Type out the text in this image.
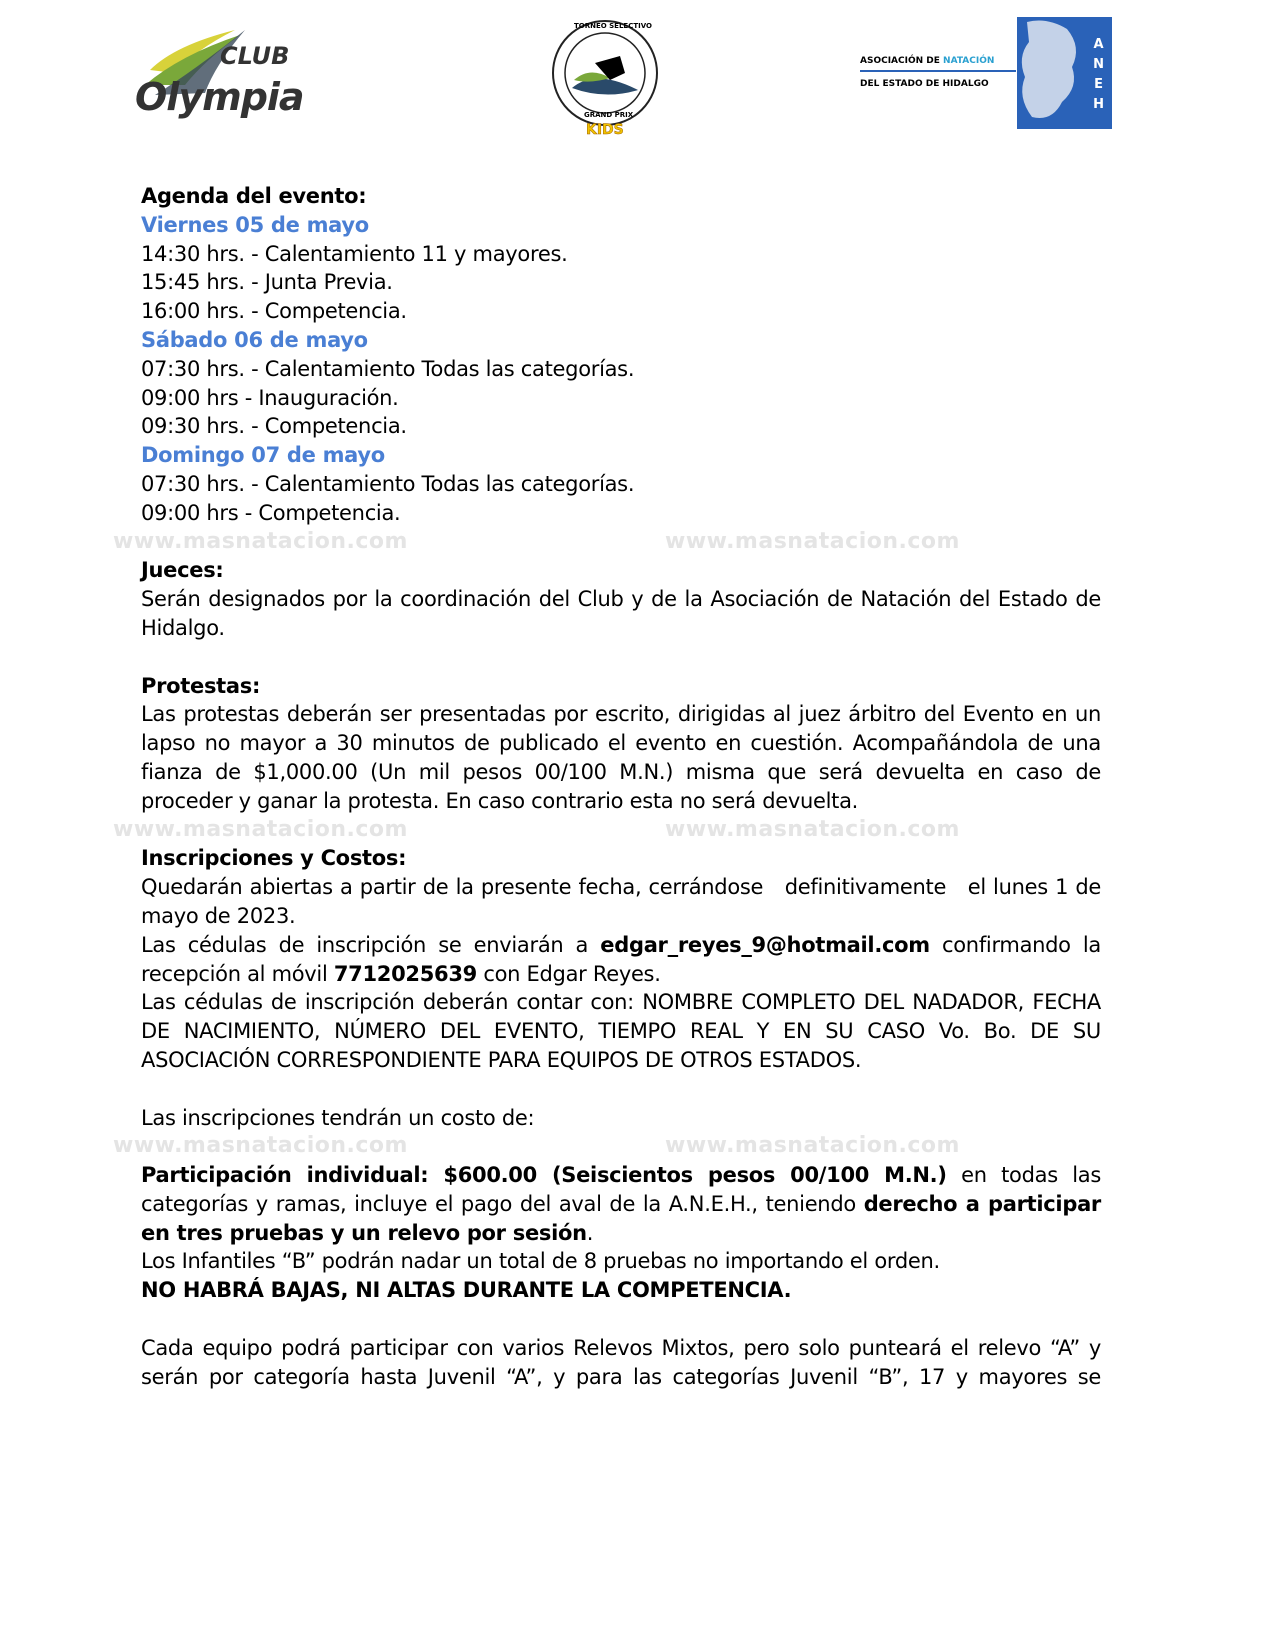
CLUB
Olympia
TORNEO SELECTIVO
GRAND PRIX
KIDS
ASOCIACIÓN DE NATACIÓN
DEL ESTADO DE HIDALGO
A
N
E
H

Agenda del evento:

Viernes 05 de mayo

14:30 hrs. - Calentamiento 11 y mayores.

15:45 hrs. - Junta Previa.

16:00 hrs. - Competencia.

Sábado 06 de mayo

07:30 hrs. - Calentamiento Todas las categorías.

09:00 hrs - Inauguración.

09:30 hrs. - Competencia.

Domingo 07 de mayo

07:30 hrs. - Calentamiento Todas las categorías.

09:00 hrs - Competencia.

www.masnatacion.com	www.masnatacion.com

Jueces:

Serán designados por la coordinación del Club y de la Asociación de Natación del Estado de Hidalgo.

Protestas:

Las protestas deberán ser presentadas por escrito, dirigidas al juez árbitro del Evento en un lapso no mayor a 30 minutos de publicado el evento en cuestión. Acompañándola de una fianza de $1,000.00 (Un mil pesos 00/100 M.N.) misma que será devuelta en caso de proceder y ganar la protesta. En caso contrario esta no será devuelta.

www.masnatacion.com	www.masnatacion.com

Inscripciones y Costos:

Quedarán abiertas a partir de la presente fecha, cerrándose   definitivamente   el lunes 1 de mayo de 2023.

Las cédulas de inscripción se enviarán a edgar_reyes_9@hotmail.com confirmando la recepción al móvil 7712025639 con Edgar Reyes.

Las cédulas de inscripción deberán contar con: NOMBRE COMPLETO DEL NADADOR, FECHA DE NACIMIENTO, NÚMERO DEL EVENTO, TIEMPO REAL Y EN SU CASO Vo. Bo. DE SU ASOCIACIÓN CORRESPONDIENTE PARA EQUIPOS DE OTROS ESTADOS.

Las inscripciones tendrán un costo de:

www.masnatacion.com	www.masnatacion.com

Participación individual: $600.00 (Seiscientos pesos 00/100 M.N.) en todas las categorías y ramas, incluye el pago del aval de la A.N.E.H., teniendo derecho a participar en tres pruebas y un relevo por sesión.

Los Infantiles “B” podrán nadar un total de 8 pruebas no importando el orden.

NO HABRÁ BAJAS, NI ALTAS DURANTE LA COMPETENCIA.

Cada equipo podrá participar con varios Relevos Mixtos, pero solo punteará el relevo “A” y serán por categoría hasta Juvenil “A”, y para las categorías Juvenil “B”, 17 y mayores se
